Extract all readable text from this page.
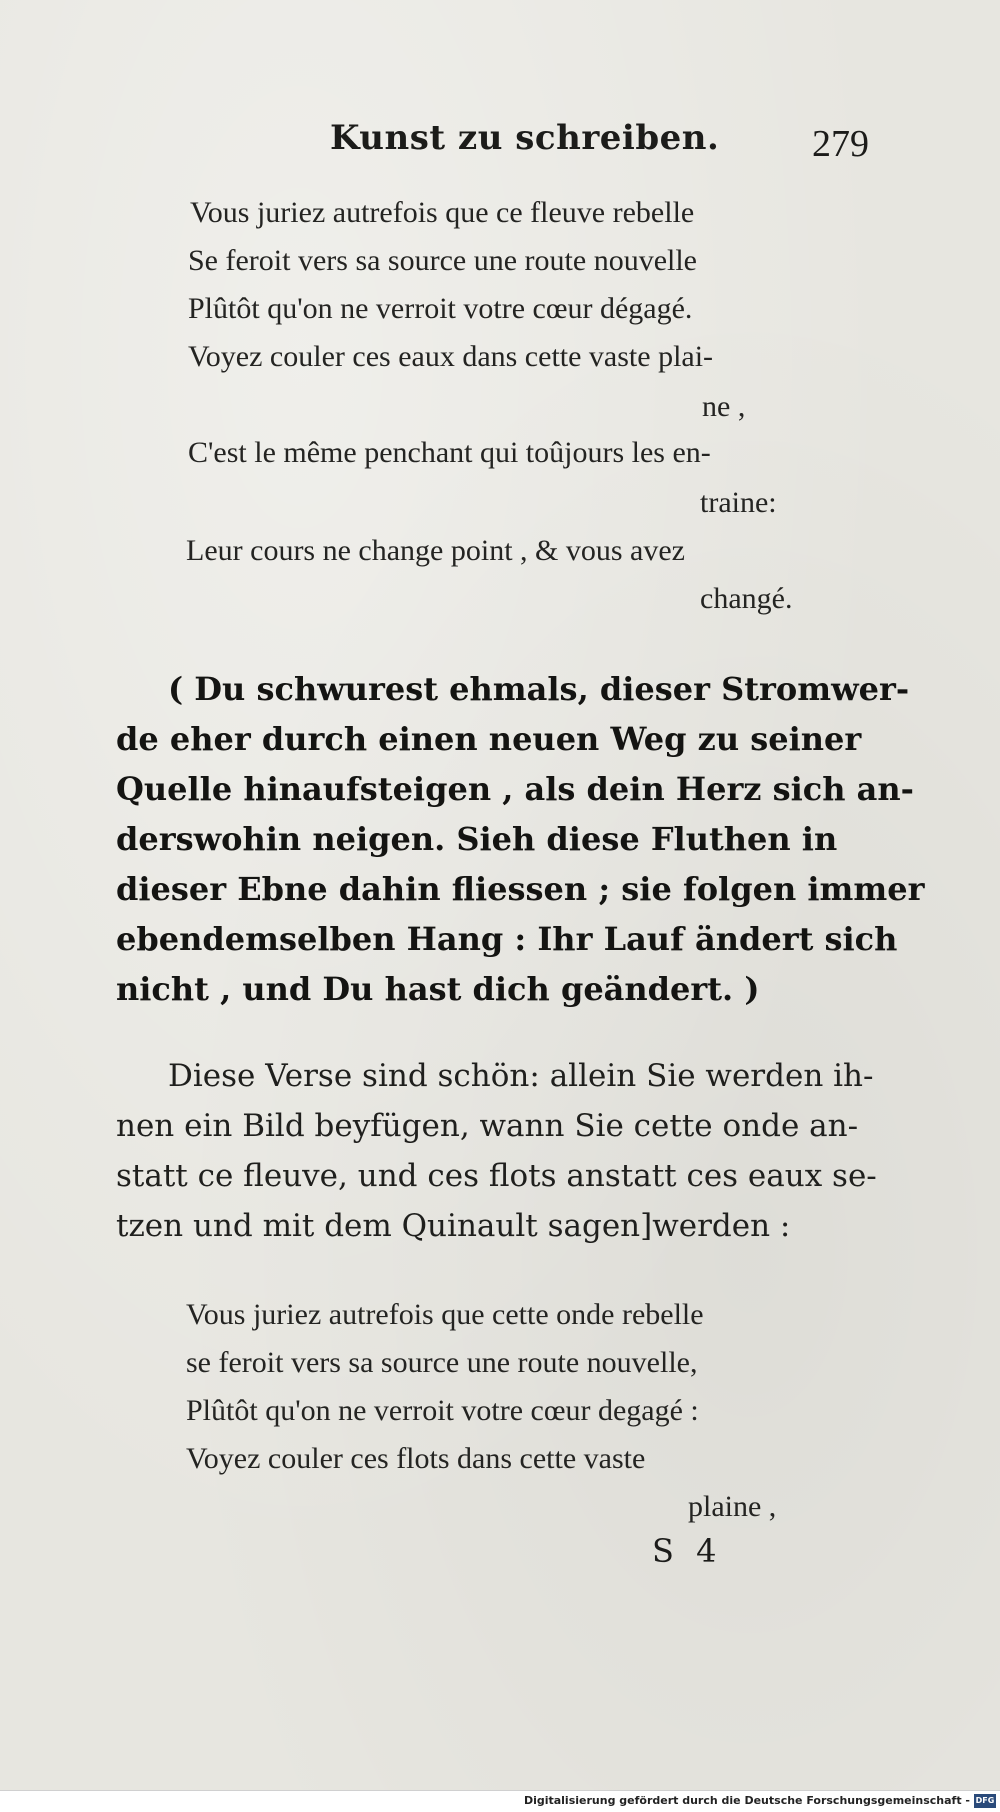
Kunst zu schreiben. 279
Vous juriez autrefois que ce fleuve rebelle
Se feroit vers sa source une route nouvelle
Plûtôt qu'on ne verroit votre cœur dégagé.
Voyez couler ces eaux dans cette vaste plai-
ne ,
C'est le même penchant qui toûjours les en-
traine:
Leur cours ne change point , & vous avez
changé.
( Du schwurest ehmals, dieser Stromwer-
de eher durch einen neuen Weg zu seiner
Quelle hinaufsteigen , als dein Herz sich an-
derswohin neigen. Sieh diese Fluthen in
dieser Ebne dahin fliessen ; sie folgen immer
ebendemselben Hang : Ihr Lauf ändert sich
nicht , und Du hast dich geändert. )
Diese Verse sind schön: allein Sie werden ih-
nen ein Bild beyfügen, wann Sie cette onde an-
statt ce fleuve, und ces flots anstatt ces eaux se-
tzen und mit dem Quinault sagen]werden :
Vous juriez autrefois que cette onde rebelle
se feroit vers sa source une route nouvelle,
Plûtôt qu'on ne verroit votre cœur degagé :
Voyez couler ces flots dans cette vaste
plaine ,
S 4
Digitalisierung gefördert durch die Deutsche Forschungsgemeinschaft - DFG
